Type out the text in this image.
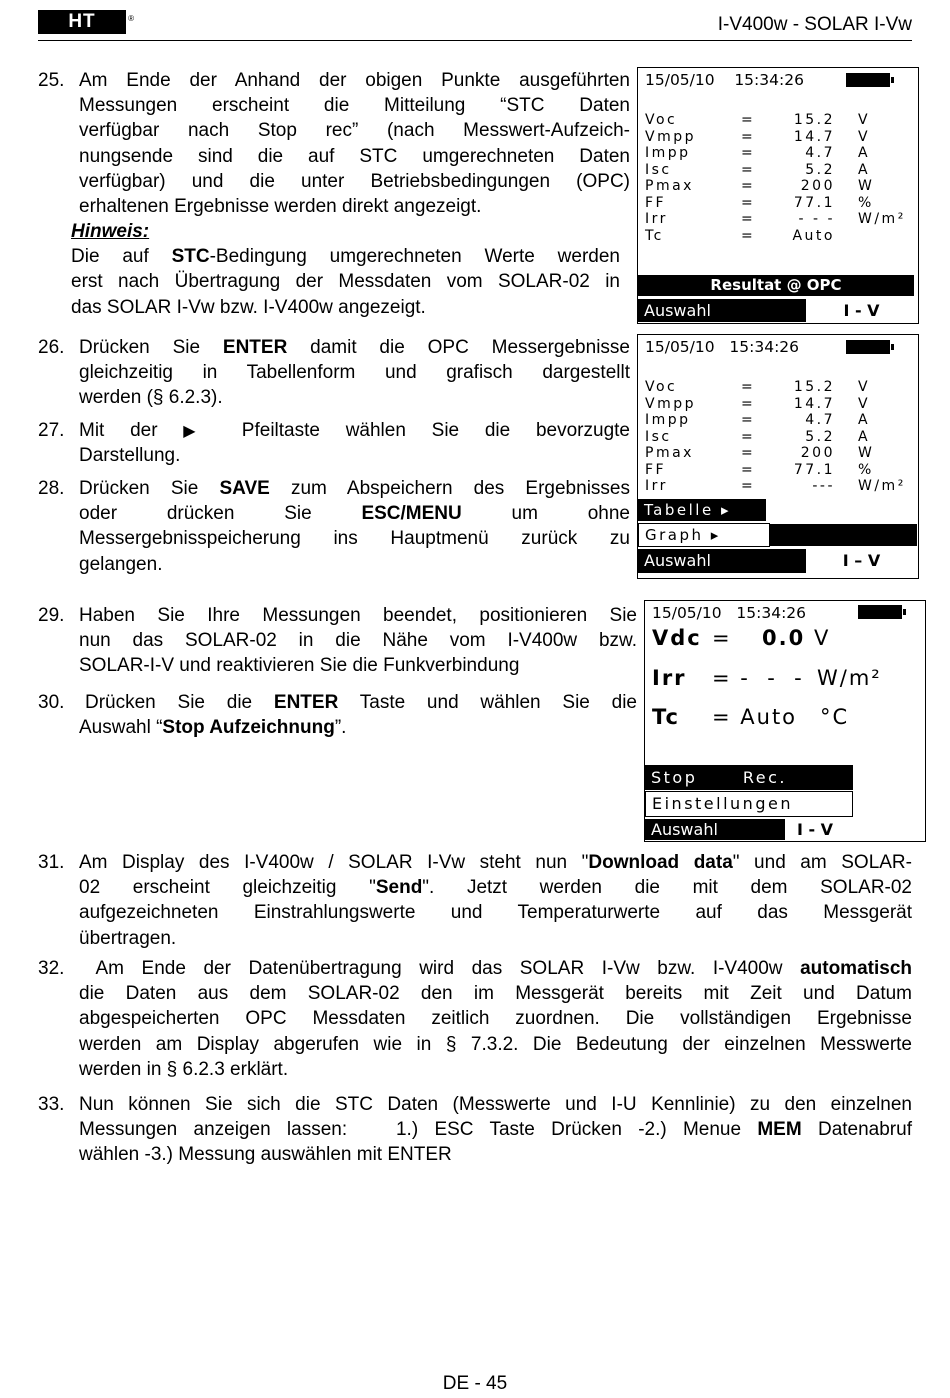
HT	®	I-V400w - SOLAR I-Vw
25. Am Ende der Anhand der obigen Punkte ausgeführten
Messungen erscheint die Mitteilung “STC Daten
verfügbar nach Stop rec” (nach Messwert-Aufzeich-
nungsende sind die auf STC umgerechneten Daten
verfügbar) und die unter Betriebsbedingungen (OPC)
erhaltenen Ergebnisse werden direkt angezeigt.
Hinweis:
Die auf STC-Bedingung umgerechneten Werte werden
erst nach Übertragung der Messdaten vom SOLAR-02 in
das SOLAR I-Vw bzw. I-V400w angezeigt.
26. Drücken Sie ENTER damit die OPC Messergebnisse
gleichzeitig in Tabellenform und grafisch dargestellt
werden (§ 6.2.3).
27. Mit der ▶ Pfeiltaste wählen Sie die bevorzugte
Darstellung.
28. Drücken Sie SAVE zum Abspeichern des Ergebnisses
oder drücken Sie ESC/MENU um ohne
Messergebnisspeicherung ins Hauptmenü zurück zu
gelangen.
29. Haben Sie Ihre Messungen beendet, positionieren Sie
nun das SOLAR-02 in die Nähe vom I-V400w bzw.
SOLAR-I-V und reaktivieren Sie die Funkverbindung
30. Drücken Sie die ENTER Taste und wählen Sie die
Auswahl “Stop Aufzeichnung”.
31. Am Display des I-V400w / SOLAR I-Vw steht nun "Download data" und am SOLAR-
02 erscheint gleichzeitig "Send". Jetzt werden die mit dem SOLAR-02
aufgezeichneten Einstrahlungswerte und Temperaturwerte auf das Messgerät
übertragen.
32. Am Ende der Datenübertragung wird das SOLAR I-Vw bzw. I-V400w automatisch
die Daten aus dem SOLAR-02 den im Messgerät bereits mit Zeit und Datum
abgespeicherten OPC Messdaten zeitlich zuordnen. Die vollständigen Ergebnisse
werden am Display abgerufen wie in § 7.3.2. Die Bedeutung der einzelnen Messwerte
werden in § 6.2.3 erklärt.
33. Nun können Sie sich die STC Daten (Messwerte und I-U Kennlinie) zu den einzelnen
Messungen anzeigen lassen:   1.) ESC Taste Drücken -2.) Menue MEM Datenabruf
wählen -3.) Messung auswählen mit ENTER
15/05/10    15:34:26
Voc	=	15.2 V
Vmpp	=	14.7 V
Impp	=	4.7 A
Isc	=	5.2 A
Pmax	=	200 W
FF	=	77.1 %
Irr	=	- - - W/m²
Tc	=	Auto
Resultat @ OPC
Auswahl	I - V
15/05/10   15:34:26
Voc	=	15.2 V
Vmpp	=	14.7 V
Impp	=	4.7 A
Isc	=	5.2 A
Pmax	=	200 W
FF	=	77.1 %
Irr	=	--- W/m²
Tabelle ▸
Graph ▸
Auswahl	I – V
15/05/10   15:34:26
Vdc = 0.0 V
Irr = -  -  - W/m²
Tc = Auto °C
Stop      Rec.
Einstellungen
Auswahl	I - V
DE - 45
